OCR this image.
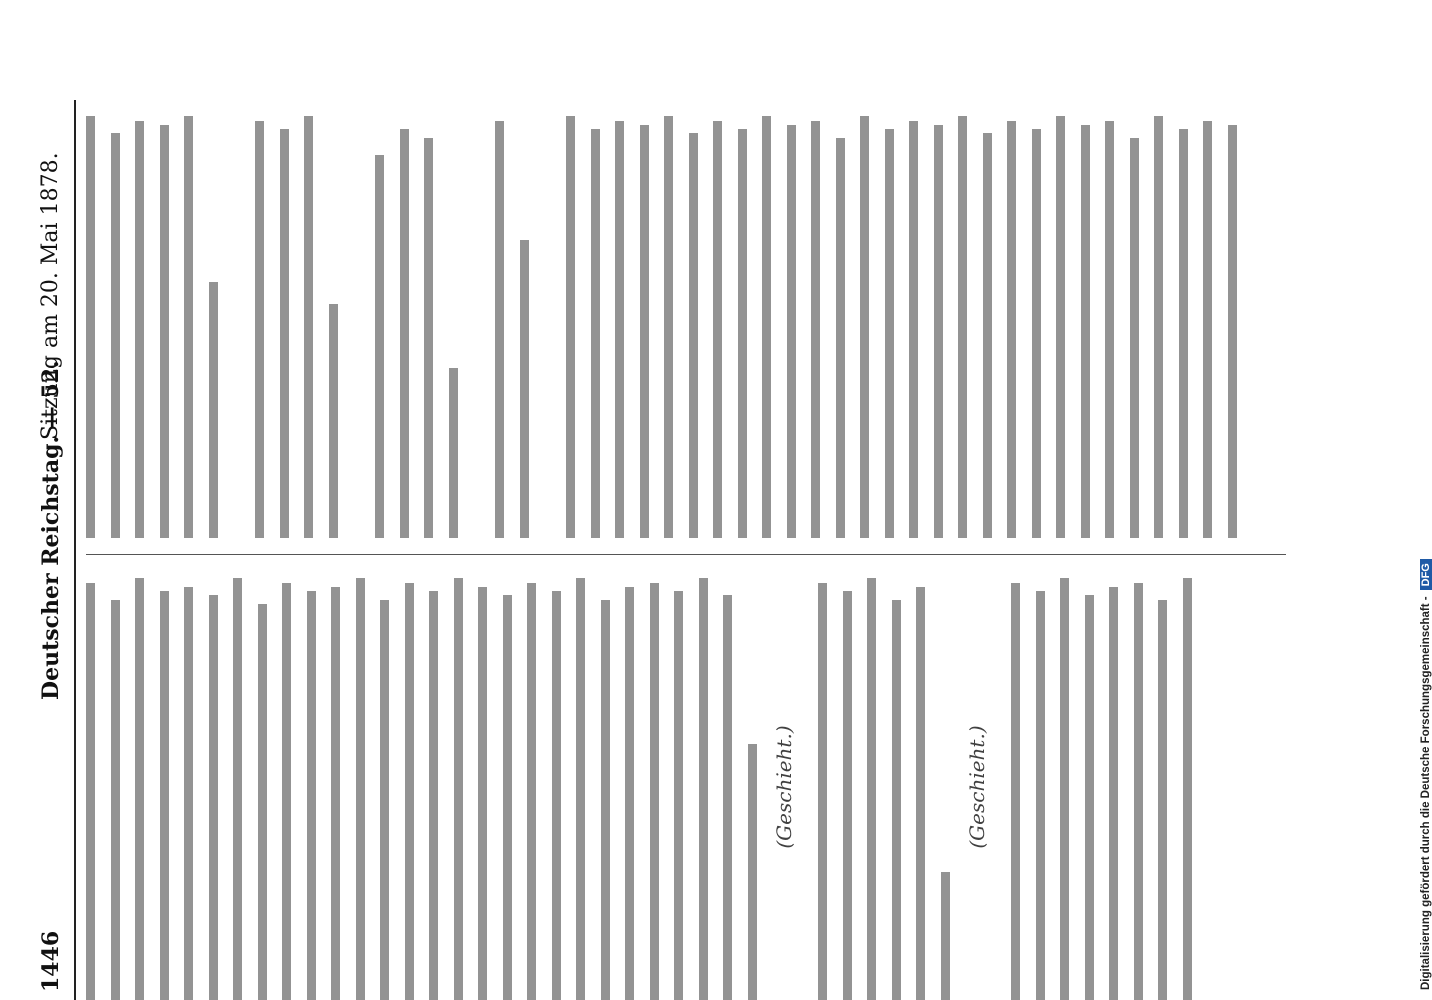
1446
Deutscher Reichstag. — 52.
Sitzung am 20. Mai 1878.
(Geschieht.)	(Geschieht.)	Digitalisierung gefördert durch die Deutsche Forschungsgemeinschaft -DFG
